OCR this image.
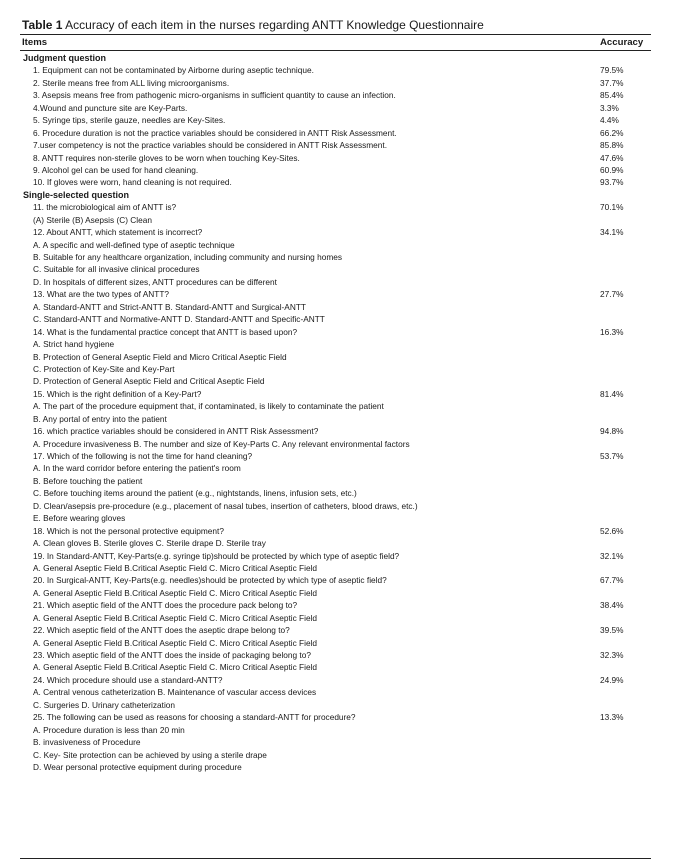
Table 1 Accuracy of each item in the nurses regarding ANTT Knowledge Questionnaire
Items	Accuracy
Judgment question
1. Equipment can not be contaminated by Airborne during aseptic technique.	79.5%
2. Sterile means free from ALL living microorganisms.	37.7%
3. Asepsis means free from pathogenic micro-organisms in sufficient quantity to cause an infection.	85.4%
4.Wound and puncture site are Key-Parts.	3.3%
5. Syringe tips, sterile gauze, needles are Key-Sites.	4.4%
6. Procedure duration is not the practice variables should be considered in ANTT Risk Assessment.	66.2%
7.user competency is not the practice variables should be considered in ANTT Risk Assessment.	85.8%
8. ANTT requires non-sterile gloves to be worn when touching Key-Sites.	47.6%
9. Alcohol gel can be used for hand cleaning.	60.9%
10. If gloves were worn, hand cleaning is not required.	93.7%
Single-selected question
11. the microbiological aim of ANTT is?	70.1%
(A) Sterile (B) Asepsis (C) Clean
12. About ANTT, which statement is incorrect?	34.1%
A. A specific and well-defined type of aseptic technique
B. Suitable for any healthcare organization, including community and nursing homes
C. Suitable for all invasive clinical procedures
D. In hospitals of different sizes, ANTT procedures can be different
13. What are the two types of ANTT?	27.7%
A. Standard-ANTT and Strict-ANTT B. Standard-ANTT and Surgical-ANTT
C. Standard-ANTT and Normative-ANTT D. Standard-ANTT and Specific-ANTT
14. What is the fundamental practice concept that ANTT is based upon?	16.3%
A. Strict hand hygiene
B. Protection of General Aseptic Field and Micro Critical Aseptic Field
C. Protection of Key-Site and Key-Part
D. Protection of General Aseptic Field and Critical Aseptic Field
15. Which is the right definition of a Key-Part?	81.4%
A. The part of the procedure equipment that, if contaminated, is likely to contaminate the patient
B. Any portal of entry into the patient
16. which practice variables should be considered in ANTT Risk Assessment?	94.8%
A. Procedure invasiveness B. The number and size of Key-Parts C. Any relevant environmental factors
17. Which of the following is not the time for hand cleaning?	53.7%
A. In the ward corridor before entering the patient's room
B. Before touching the patient
C. Before touching items around the patient (e.g., nightstands, linens, infusion sets, etc.)
D. Clean/asepsis pre-procedure (e.g., placement of nasal tubes, insertion of catheters, blood draws, etc.)
E. Before wearing gloves
18. Which is not the personal protective equipment?	52.6%
A. Clean gloves B. Sterile gloves C. Sterile drape D. Sterile tray
19. In Standard-ANTT, Key-Parts(e.g. syringe tip)should be protected by which type of aseptic field?	32.1%
A. General Aseptic Field B.Critical Aseptic Field C. Micro Critical Aseptic Field
20. In Surgical-ANTT, Key-Parts(e.g. needles)should be protected by which type of aseptic field?	67.7%
A. General Aseptic Field B.Critical Aseptic Field C. Micro Critical Aseptic Field
21. Which aseptic field of the ANTT does the procedure pack belong to?	38.4%
A. General Aseptic Field B.Critical Aseptic Field C. Micro Critical Aseptic Field
22. Which aseptic field of the ANTT does the aseptic drape belong to?	39.5%
A. General Aseptic Field B.Critical Aseptic Field C. Micro Critical Aseptic Field
23. Which aseptic field of the ANTT does the inside of packaging belong to?	32.3%
A. General Aseptic Field B.Critical Aseptic Field C. Micro Critical Aseptic Field
24. Which procedure should use a standard-ANTT?	24.9%
A. Central venous catheterization B. Maintenance of vascular access devices
C. Surgeries D. Urinary catheterization
25. The following can be used as reasons for choosing a standard-ANTT for procedure?	13.3%
A. Procedure duration is less than 20 min
B. invasiveness of Procedure
C. Key- Site protection can be achieved by using a sterile drape
D. Wear personal protective equipment during procedure
